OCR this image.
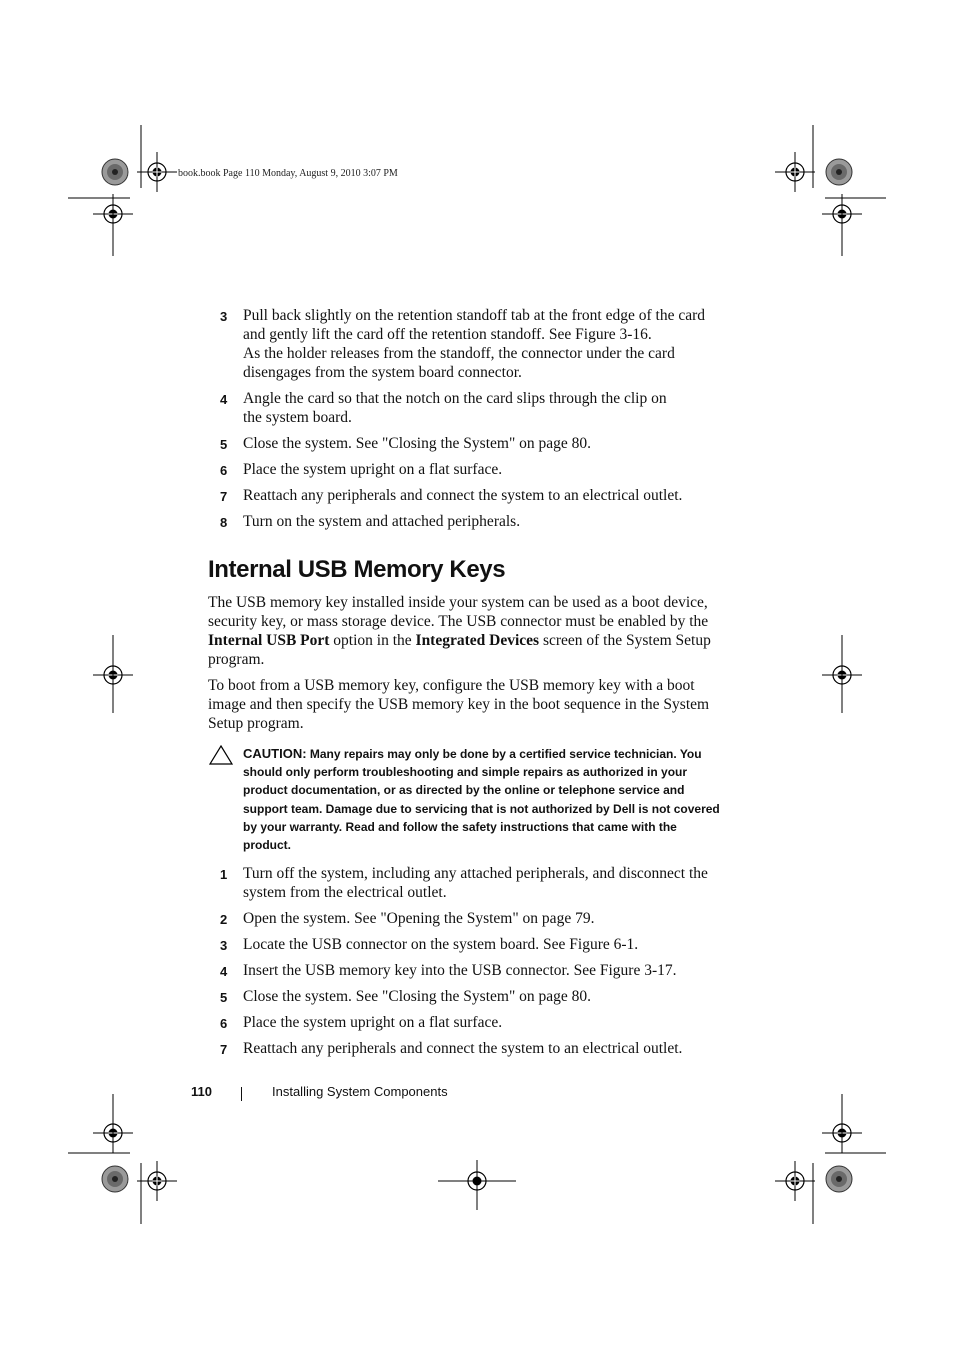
book.book Page 110 Monday, August 9, 2010 3:07 PM
3 Pull back slightly on the retention standoff tab at the front edge of the card and gently lift the card off the retention standoff. See Figure 3-16.

As the holder releases from the standoff, the connector under the card disengages from the system board connector.

4 Angle the card so that the notch on the card slips through the clip on the system board.

5 Close the system. See "Closing the System" on page 80.

6 Place the system upright on a flat surface.

7 Reattach any peripherals and connect the system to an electrical outlet.

8 Turn on the system and attached peripherals.

Internal USB Memory Keys

The USB memory key installed inside your system can be used as a boot device, security key, or mass storage device. The USB connector must be enabled by the Internal USB Port option in the Integrated Devices screen of the System Setup program.

To boot from a USB memory key, configure the USB memory key with a boot image and then specify the USB memory key in the boot sequence in the System Setup program.

CAUTION: Many repairs may only be done by a certified service technician. You should only perform troubleshooting and simple repairs as authorized in your product documentation, or as directed by the online or telephone service and support team. Damage due to servicing that is not authorized by Dell is not covered by your warranty. Read and follow the safety instructions that came with the product.
1 Turn off the system, including any attached peripherals, and disconnect the system from the electrical outlet.

2 Open the system. See "Opening the System" on page 79.

3 Locate the USB connector on the system board. See Figure 6-1.

4 Insert the USB memory key into the USB connector. See Figure 3-17.

5 Close the system. See "Closing the System" on page 80.

6 Place the system upright on a flat surface.

7 Reattach any peripherals and connect the system to an electrical outlet.

110	Installing System Components
